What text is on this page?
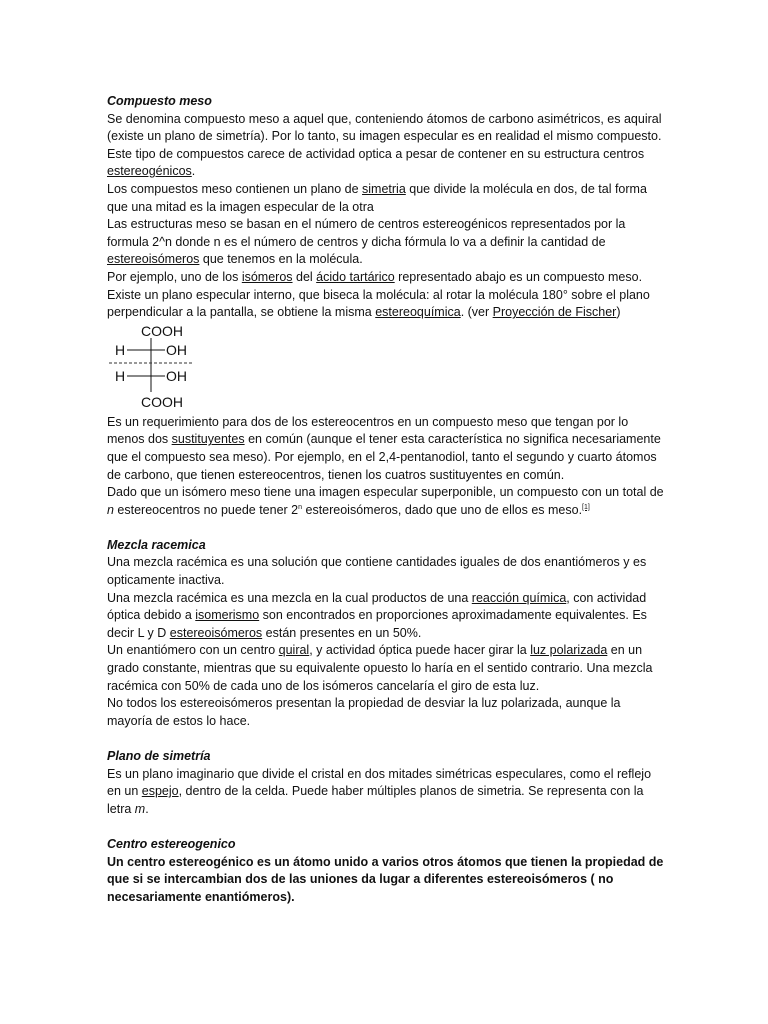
Compuesto meso

Se denomina compuesto meso a aquel que, conteniendo átomos de carbono asimétricos, es aquiral (existe un plano de simetría). Por lo tanto, su imagen especular es en realidad el mismo compuesto.

Este tipo de compuestos carece de actividad optica a pesar de contener en su estructura centros estereogénicos.

Los compuestos meso contienen un plano de simetria que divide la molécula en dos, de tal forma que una mitad es la imagen especular de la otra

Las estructuras meso se basan en el número de centros estereogénicos representados por la formula 2^n donde n es el número de centros y dicha fórmula lo va a definir la cantidad de estereoisómeros que tenemos en la molécula.

Por ejemplo, uno de los isómeros del ácido tartárico representado abajo es un compuesto meso.

Existe un plano especular interno, que biseca la molécula: al rotar la molécula 180° sobre el plano perpendicular a la pantalla, se obtiene la misma estereoquímica. (ver Proyección de Fischer)

COOH
H	OH
H	OH
COOH

Es un requerimiento para dos de los estereocentros en un compuesto meso que tengan por lo menos dos sustituyentes en común (aunque el tener esta característica no significa necesariamente que el compuesto sea meso). Por ejemplo, en el 2,4-pentanodiol, tanto el segundo y cuarto átomos de carbono, que tienen estereocentros, tienen los cuatros sustituyentes en común.

Dado que un isómero meso tiene una imagen especular superponible, un compuesto con un total de n estereocentros no puede tener 2$^n$ estereoisómeros, dado que uno de ellos es meso.[1]

Mezcla racemica

Una mezcla racémica es una solución que contiene cantidades iguales de dos enantiómeros y es opticamente inactiva.

Una mezcla racémica es una mezcla en la cual productos de una reacción química, con actividad óptica debido a isomerismo son encontrados en proporciones aproximadamente equivalentes. Es decir L y D estereoisómeros están presentes en un 50%.

Un enantiómero con un centro quiral, y actividad óptica puede hacer girar la luz polarizada en un grado constante, mientras que su equivalente opuesto lo haría en el sentido contrario. Una mezcla racémica con 50% de cada uno de los isómeros cancelaría el giro de esta luz.

No todos los estereoisómeros presentan la propiedad de desviar la luz polarizada, aunque la mayoría de estos lo hace.

Plano de simetría

Es un plano imaginario que divide el cristal en dos mitades simétricas especulares, como el reflejo en un espejo, dentro de la celda. Puede haber múltiples planos de simetria. Se representa con la letra m.

Centro estereogenico

Un centro estereogénico es un átomo unido a varios otros átomos que tienen la propiedad de que si se intercambian dos de las uniones da lugar a diferentes estereoisómeros ( no necesariamente enantiómeros).
